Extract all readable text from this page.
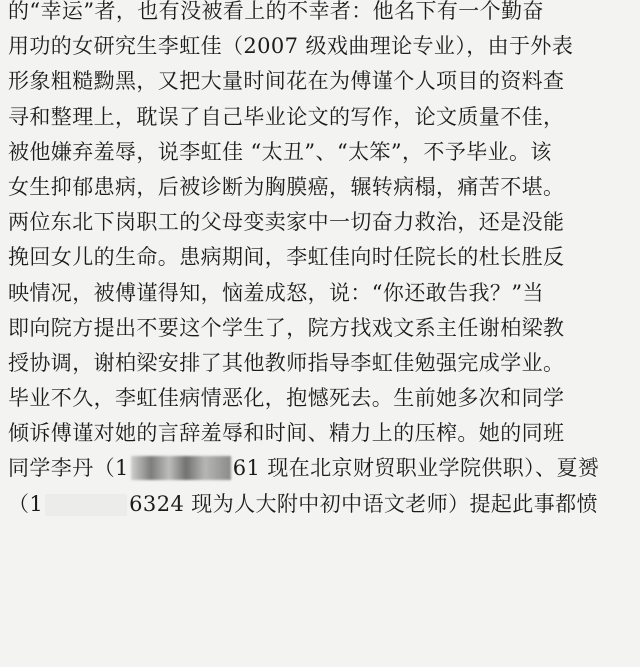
的“幸运”者，也有没被看上的不幸者：他名下有一个勤奋
用功的女研究生李虹佳（2007 级戏曲理论专业），由于外表
形象粗糙黝黑，又把大量时间花在为傅谨个人项目的资料查
寻和整理上，耽误了自己毕业论文的写作，论文质量不佳，
被他嫌弃羞辱，说李虹佳 “太丑”、“太笨”，不予毕业。该
女生抑郁患病，后被诊断为胸膜癌，辗转病榻，痛苦不堪。
两位东北下岗职工的父母变卖家中一切奋力救治，还是没能
挽回女儿的生命。患病期间，李虹佳向时任院长的杜长胜反
映情况，被傅谨得知，恼羞成怒，说：“你还敢告我？”当
即向院方提出不要这个学生了，院方找戏文系主任谢柏梁教
授协调，谢柏梁安排了其他教师指导李虹佳勉强完成学业。
毕业不久，李虹佳病情恶化，抱憾死去。生前她多次和同学
倾诉傅谨对她的言辞羞辱和时间、精力上的压榨。她的同班
同学李丹（1	61 现在北京财贸职业学院供职）、夏赟
（1	6324 现为人大附中初中语文老师）提起此事都愤
